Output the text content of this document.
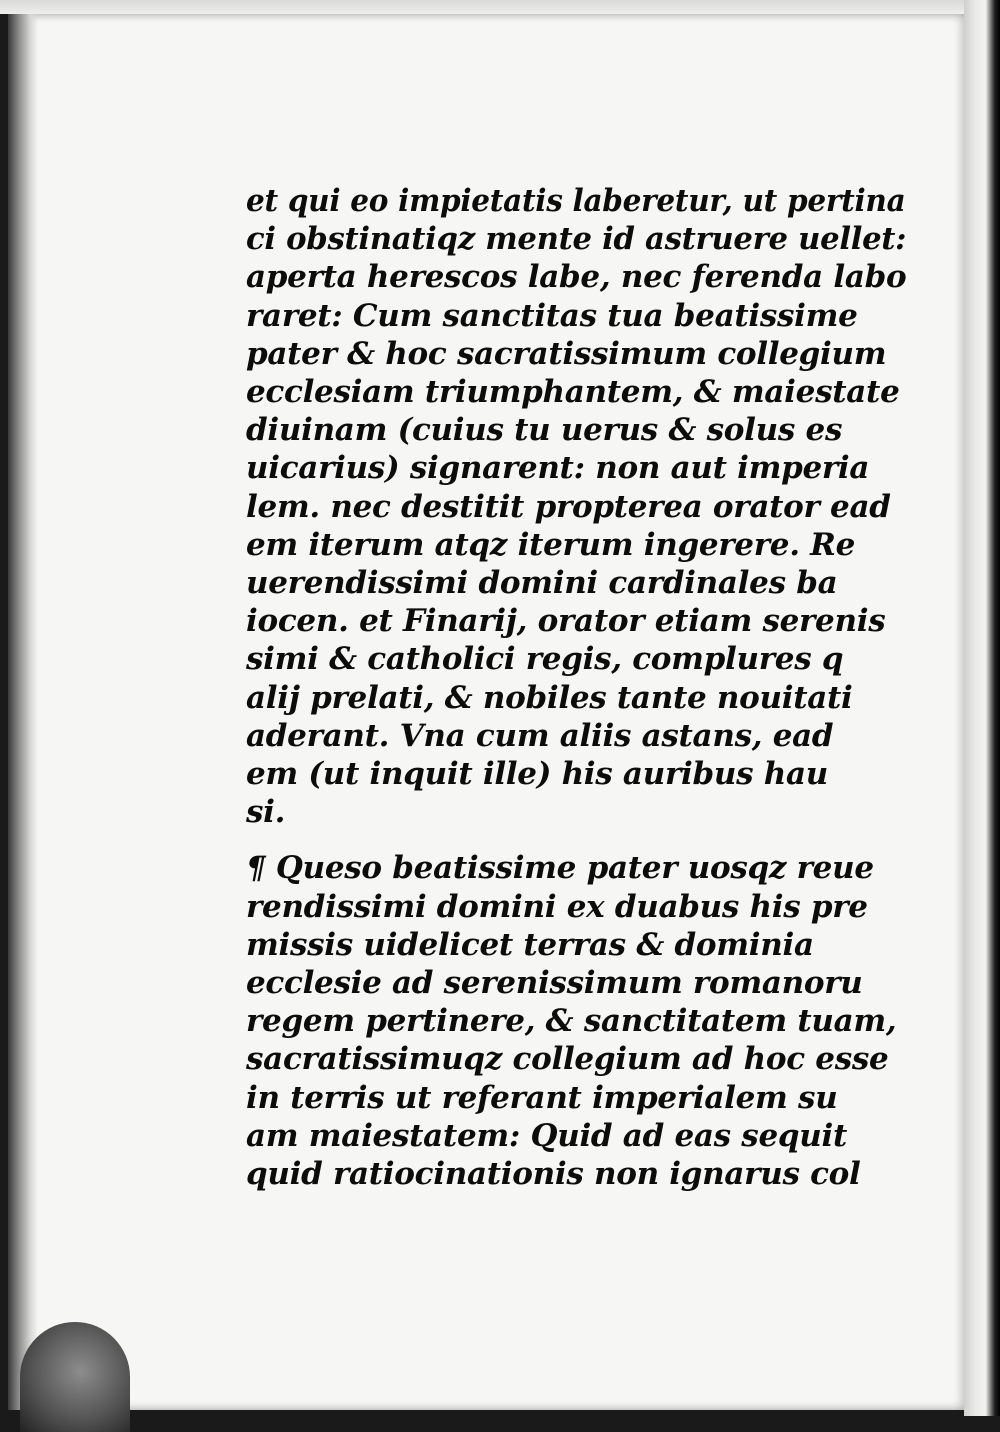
et qui eo impietatis laberetur, ut pertina
ci obstinatiqz mente id astruere uellet:
aperta herescos labe, nec ferenda labo
raret: Cum sanctitas tua beatissime
pater & hoc sacratissimum collegium
ecclesiam triumphantem, & maiestate
diuinam (cuius tu uerus & solus es
uicarius) signarent: non aut imperia
lem. nec destitit propterea orator ead
em iterum atqz iterum ingerere. Re
uerendissimi domini cardinales ba
iocen. et Finarij, orator etiam serenis
simi & catholici regis, complures q
alij prelati, & nobiles tante nouitati
aderant. Vna cum aliis astans, ead
em (ut inquit ille) his auribus hau
si.
¶ Queso beatissime pater uosqz reue
rendissimi domini ex duabus his pre
missis uidelicet terras & dominia
ecclesie ad serenissimum romanoru
regem pertinere, & sanctitatem tuam,
sacratissimuqz collegium ad hoc esse
in terris ut referant imperialem su
am maiestatem: Quid ad eas sequit
quid ratiocinationis non ignarus col
